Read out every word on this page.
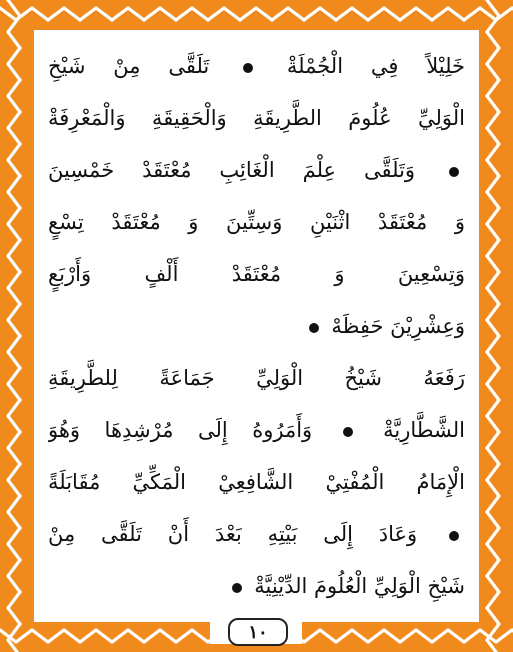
خَلِيْلاً فِي الْجُمْلَةْ  تَلَقَّى مِنْ شَيْخِ
الْوَلِيِّ عُلُومَ الطَّرِيقَةِ وَالْحَقِيقَةِ وَالْمَعْرِفَةْ
وَتَلَقَّى عِلْمَ الْغَائِبِ مُعْتَقَدْ خَمْسِينَ
وَ مُعْتَقَدْ اثْنَيْنِ وَسِتِّينَ وَ مُعْتَقَدْ تِسْعٍ
وَتِسْعِينَ وَ مُعْتَقَدْ أَلْفٍ وَأَرْبَعٍ
وَعِشْرِيْنَ حَفِظَهْ
رَفَعَهُ شَيْخُ الْوَلِيِّ جَمَاعَةً لِلطَّرِيقَةِ
الشَّطَّارِيَّةْ  وَأَمَرُوهُ إِلَى مُرْشِدِهَا وَهُوَ
الْإِمَامُ الْمُفْتِيْ الشَّافِعِيْ الْمَكِّيِّ مُقَابَلَةً
وَعَادَ إِلَى بَيْتِهِ بَعْدَ أَنْ تَلَقَّى مِنْ
شَيْخِ الْوَلِيِّ الْعُلُومَ الدِّيْنِيَّةْ
١٠
